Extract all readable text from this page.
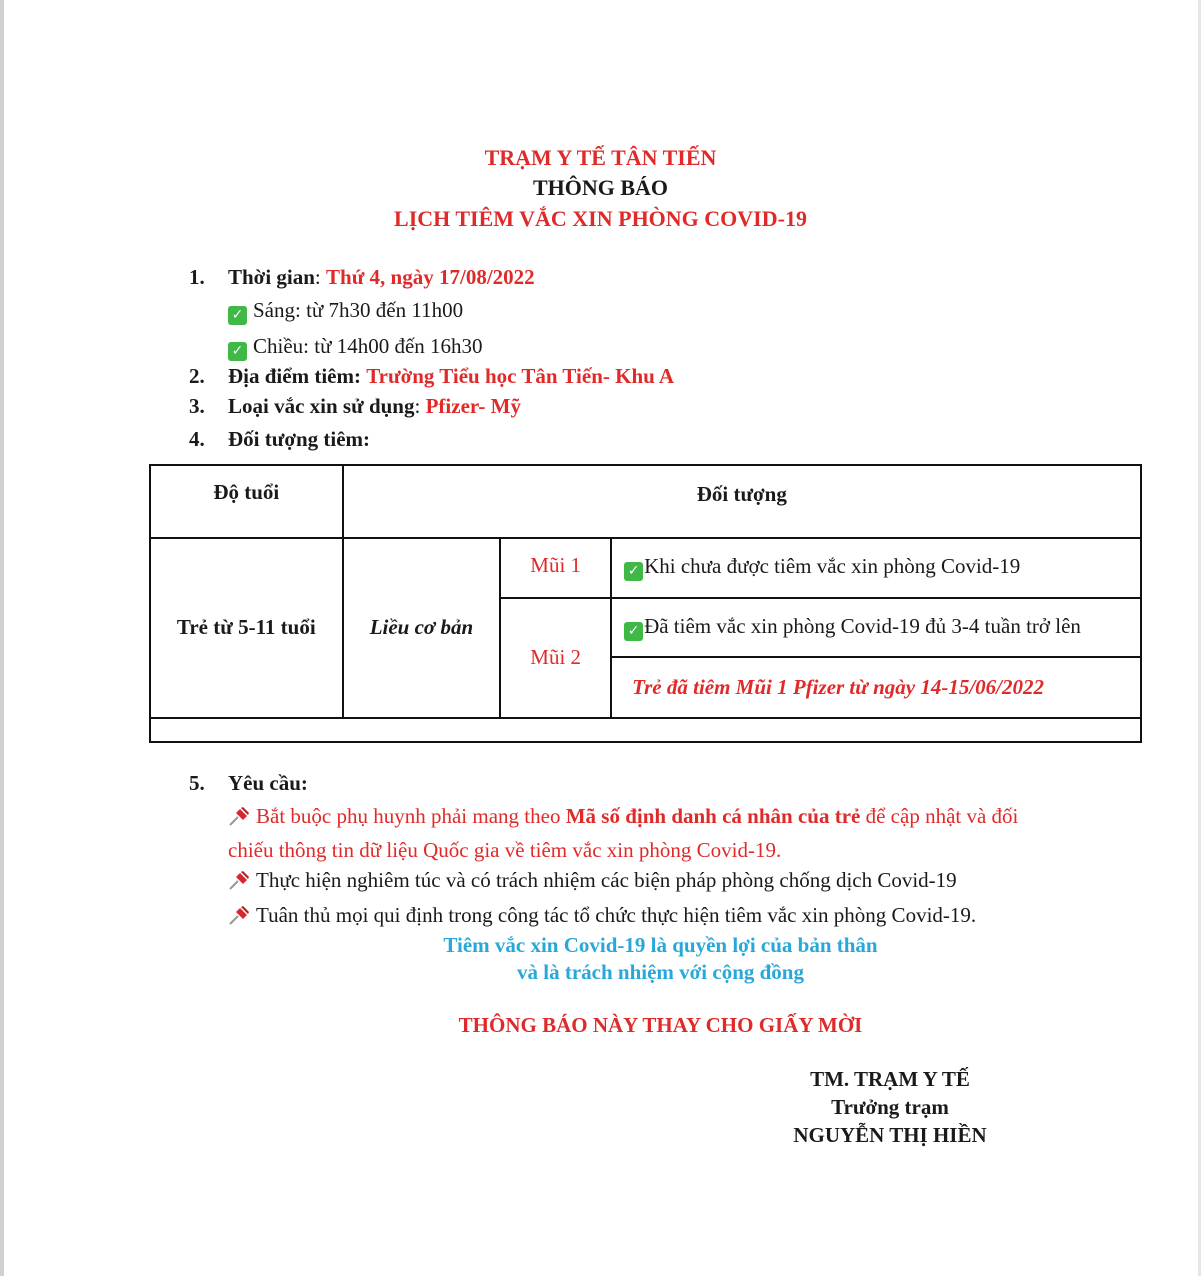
TRẠM Y TẾ TÂN TIẾN
THÔNG BÁO
LỊCH TIÊM VẮC XIN PHÒNG COVID-19
1. Thời gian: Thứ 4, ngày 17/08/2022
✓ Sáng: từ 7h30 đến 11h00
✓ Chiều: từ 14h00 đến 16h30
2. Địa điểm tiêm: Trường Tiểu học Tân Tiến- Khu A
3. Loại vắc xin sử dụng: Pfizer- Mỹ
4. Đối tượng tiêm:
Độ tuổi	Đối tượng		
Trẻ từ 5-11 tuổi	Liều cơ bản	Mũi 1	✓ Khi chưa được tiêm vắc xin phòng Covid-19
		Mũi 2	✓ Đã tiêm vắc xin phòng Covid-19 đủ 3-4 tuần trở lên
			Trẻ đã tiêm Mũi 1 Pfizer từ ngày 14-15/06/2022

5. Yêu cầu:
Bắt buộc phụ huynh phải mang theo Mã số định danh cá nhân của trẻ để cập nhật và đối
chiếu thông tin dữ liệu Quốc gia về tiêm vắc xin phòng Covid-19.
Thực hiện nghiêm túc và có trách nhiệm các biện pháp phòng chống dịch Covid-19
Tuân thủ mọi qui định trong công tác tổ chức thực hiện tiêm vắc xin phòng Covid-19.
Tiêm vắc xin Covid-19 là quyền lợi của bản thân
và là trách nhiệm với cộng đồng
THÔNG BÁO NÀY THAY CHO GIẤY MỜI
TM. TRẠM Y TẾ
Trưởng trạm
NGUYỄN THỊ HIỀN
